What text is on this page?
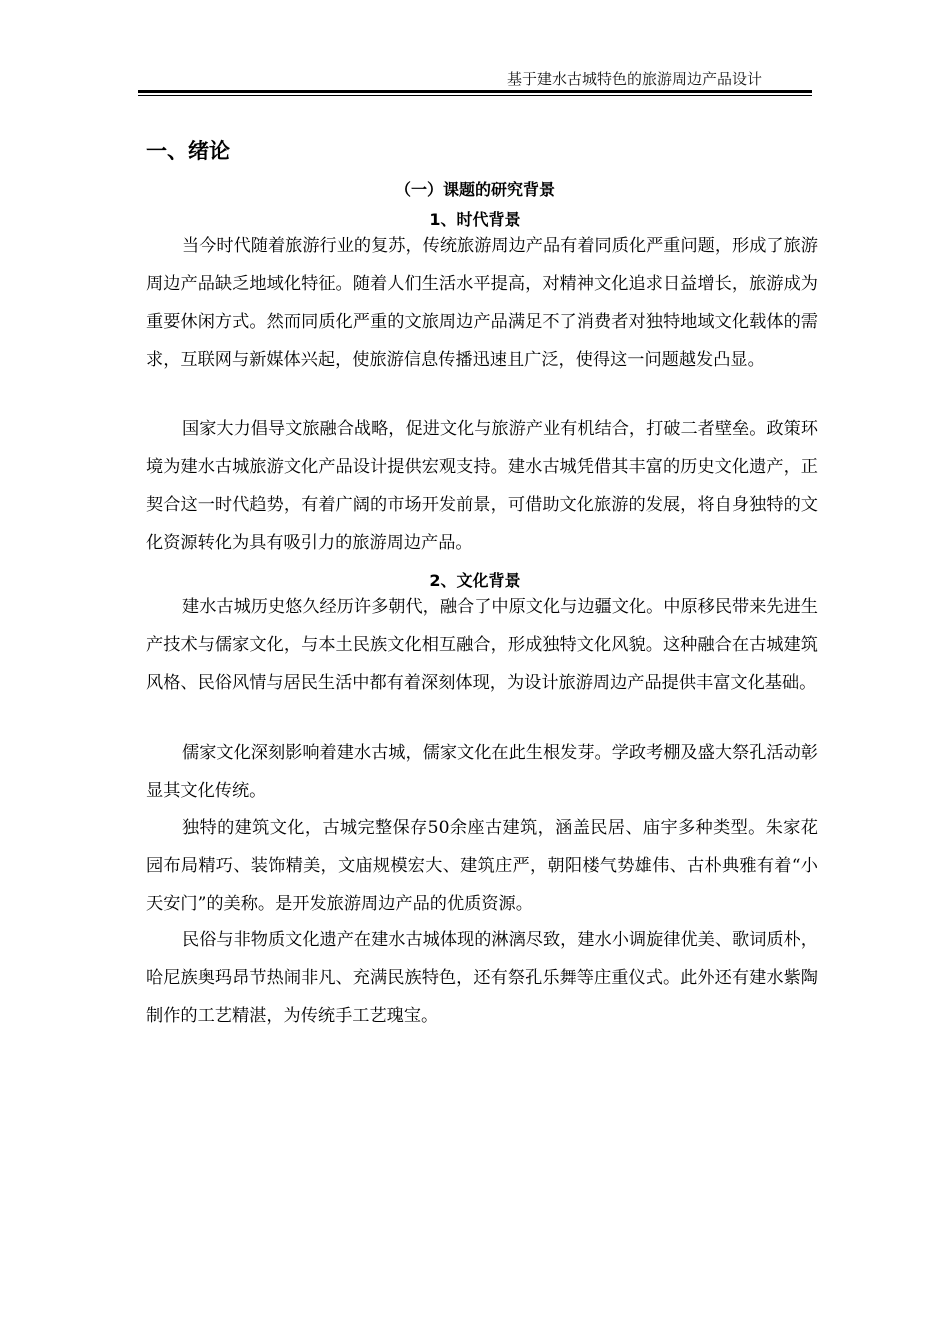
基于建水古城特色的旅游周边产品设计
一、绪论
（一）课题的研究背景
1、时代背景

当今时代随着旅游行业的复苏，传统旅游周边产品有着同质化严重问题，形成了旅游周边产品缺乏地域化特征。随着人们生活水平提高，对精神文化追求日益增长，旅游成为重要休闲方式。然而同质化严重的文旅周边产品满足不了消费者对独特地域文化载体的需求，互联网与新媒体兴起，使旅游信息传播迅速且广泛，使得这一问题越发凸显。

国家大力倡导文旅融合战略，促进文化与旅游产业有机结合，打破二者壁垒。政策环境为建水古城旅游文化产品设计提供宏观支持。建水古城凭借其丰富的历史文化遗产，正契合这一时代趋势，有着广阔的市场开发前景，可借助文化旅游的发展，将自身独特的文化资源转化为具有吸引力的旅游周边产品。

2、文化背景

建水古城历史悠久经历许多朝代，融合了中原文化与边疆文化。中原移民带来先进生产技术与儒家文化，与本土民族文化相互融合，形成独特文化风貌。这种融合在古城建筑风格、民俗风情与居民生活中都有着深刻体现，为设计旅游周边产品提供丰富文化基础。

儒家文化深刻影响着建水古城，儒家文化在此生根发芽。学政考棚及盛大祭孔活动彰显其文化传统。

独特的建筑文化，古城完整保存50余座古建筑，涵盖民居、庙宇多种类型。朱家花园布局精巧、装饰精美，文庙规模宏大、建筑庄严，朝阳楼气势雄伟、古朴典雅有着“小天安门”的美称。是开发旅游周边产品的优质资源。

民俗与非物质文化遗产在建水古城体现的淋漓尽致，建水小调旋律优美、歌词质朴，哈尼族奥玛昂节热闹非凡、充满民族特色，还有祭孔乐舞等庄重仪式。此外还有建水紫陶制作的工艺精湛，为传统手工艺瑰宝。
